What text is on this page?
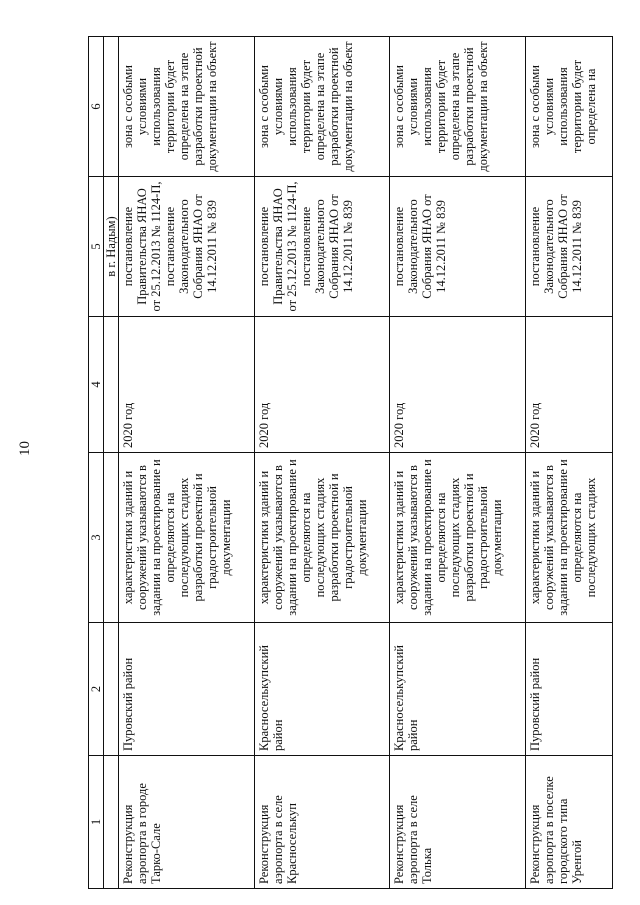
10
1	2	3	4	5	6
				в г. Надым)	
Реконструкция аэропорта в городе Тарко-Сале	Пуровский район	характеристики зданий и сооружений указываются в задании на проектирование и определяются на последующих стадиях разработки проектной и градостроительной документации	2020 год	постановление Правительства ЯНАО от 25.12.2013 № 1124-П, постановление Законодательного Собрания ЯНАО от 14.12.2011 № 839	зона с особыми условиями использования территории будет определена на этапе разработки проектной документации на объект
Реконструкция аэропорта в селе Красноселькуп	Красноселькупский район	характеристики зданий и сооружений указываются в задании на проектирование и определяются на последующих стадиях разработки проектной и градостроительной документации	2020 год	постановление Правительства ЯНАО от 25.12.2013 № 1124-П, постановление Законодательного Собрания ЯНАО от 14.12.2011 № 839	зона с особыми условиями использования территории будет определена на этапе разработки проектной документации на объект
Реконструкция аэропорта в селе Толька	Красноселькупский район	характеристики зданий и сооружений указываются в задании на проектирование и определяются на последующих стадиях разработки проектной и градостроительной документации	2020 год	постановление Законодательного Собрания ЯНАО от 14.12.2011 № 839	зона с особыми условиями использования территории будет определена на этапе разработки проектной документации на объект
Реконструкция аэропорта в поселке городского типа Уренгой	Пуровский район	характеристики зданий и сооружений указываются в задании на проектирование и определяются на последующих стадиях	2020 год	постановление Законодательного Собрания ЯНАО от 14.12.2011 № 839	зона с особыми условиями использования территории будет определена на
